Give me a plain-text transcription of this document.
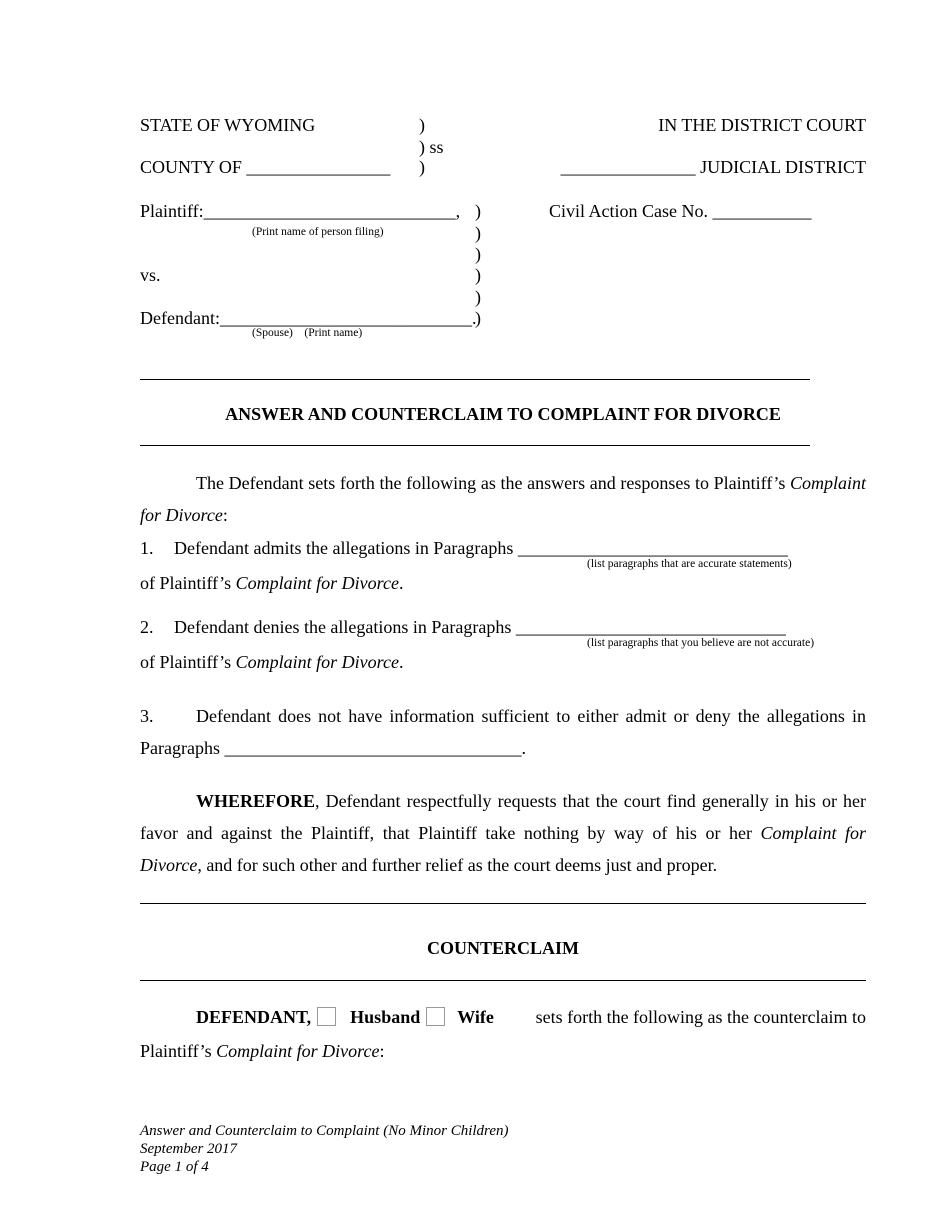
STATE OF WYOMING	)
) ss
COUNTY OF ________________ )
IN THE DISTRICT COURT
_______________ JUDICIAL DISTRICT
Plaintiff:____________________________, )
(Print name of person filing)
Civil Action Case No. ___________
)
)
vs.	)
)
Defendant:____________________________.
)
(Spouse)    (Print name)
ANSWER AND COUNTERCLAIM TO COMPLAINT FOR DIVORCE
The Defendant sets forth the following as the answers and responses to Plaintiff’s Complaint for Divorce:
1. Defendant admits the allegations in Paragraphs ______________________________
(list paragraphs that are accurate statements)
of Plaintiff’s Complaint for Divorce.
2. Defendant denies the allegations in Paragraphs ______________________________
(list paragraphs that you believe are not accurate)
of Plaintiff’s Complaint for Divorce.
3. Defendant does not have information sufficient to either admit or deny the allegations in
Paragraphs _________________________________.
WHEREFORE, Defendant respectfully requests that the court find generally in his or her favor and against the Plaintiff, that Plaintiff take nothing by way of his or her Complaint for Divorce, and for such other and further relief as the court deems just and proper.
COUNTERCLAIM
DEFENDANT, Husband Wife sets forth the following as the counterclaim to
Plaintiff’s Complaint for Divorce:
Answer and Counterclaim to Complaint (No Minor Children)
September 2017
Page 1 of 4
